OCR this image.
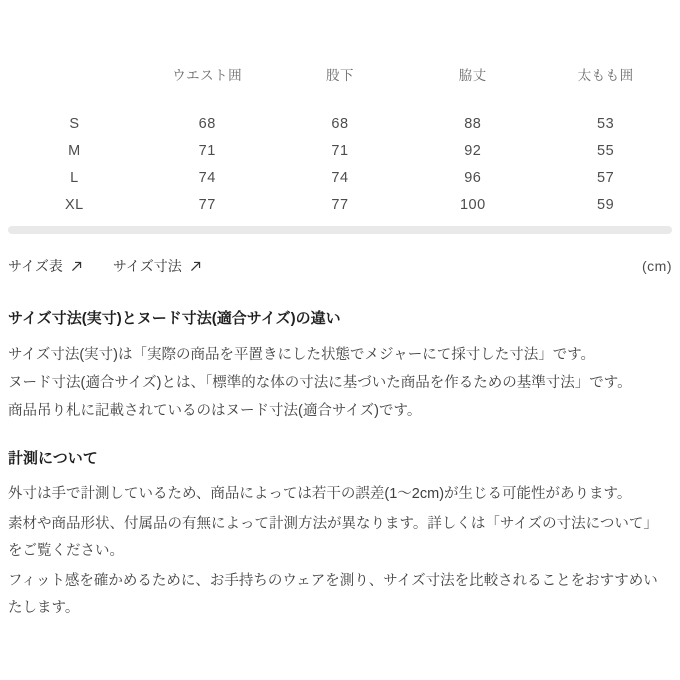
	ウエスト囲	股下	脇丈	太もも囲
S	68	68	88	53
M	71	71	92	55
L	74	74	96	57
XL	77	77	100	59
サイズ表	サイズ寸法	(cm)
サイズ寸法(実寸)とヌード寸法(適合サイズ)の違い

サイズ寸法(実寸)は「実際の商品を平置きにした状態でメジャーにて採寸した寸法」です。

ヌード寸法(適合サイズ)とは、「標準的な体の寸法に基づいた商品を作るための基準寸法」です。

商品吊り札に記載されているのはヌード寸法(適合サイズ)です。

計測について

外寸は手で計測しているため、商品によっては若干の誤差(1〜2cm)が生じる可能性があります。

素材や商品形状、付属品の有無によって計測方法が異なります。詳しくは「サイズの寸法について」をご覧ください。

フィット感を確かめるために、お手持ちのウェアを測り、サイズ寸法を比較されることをおすすめいたします。
